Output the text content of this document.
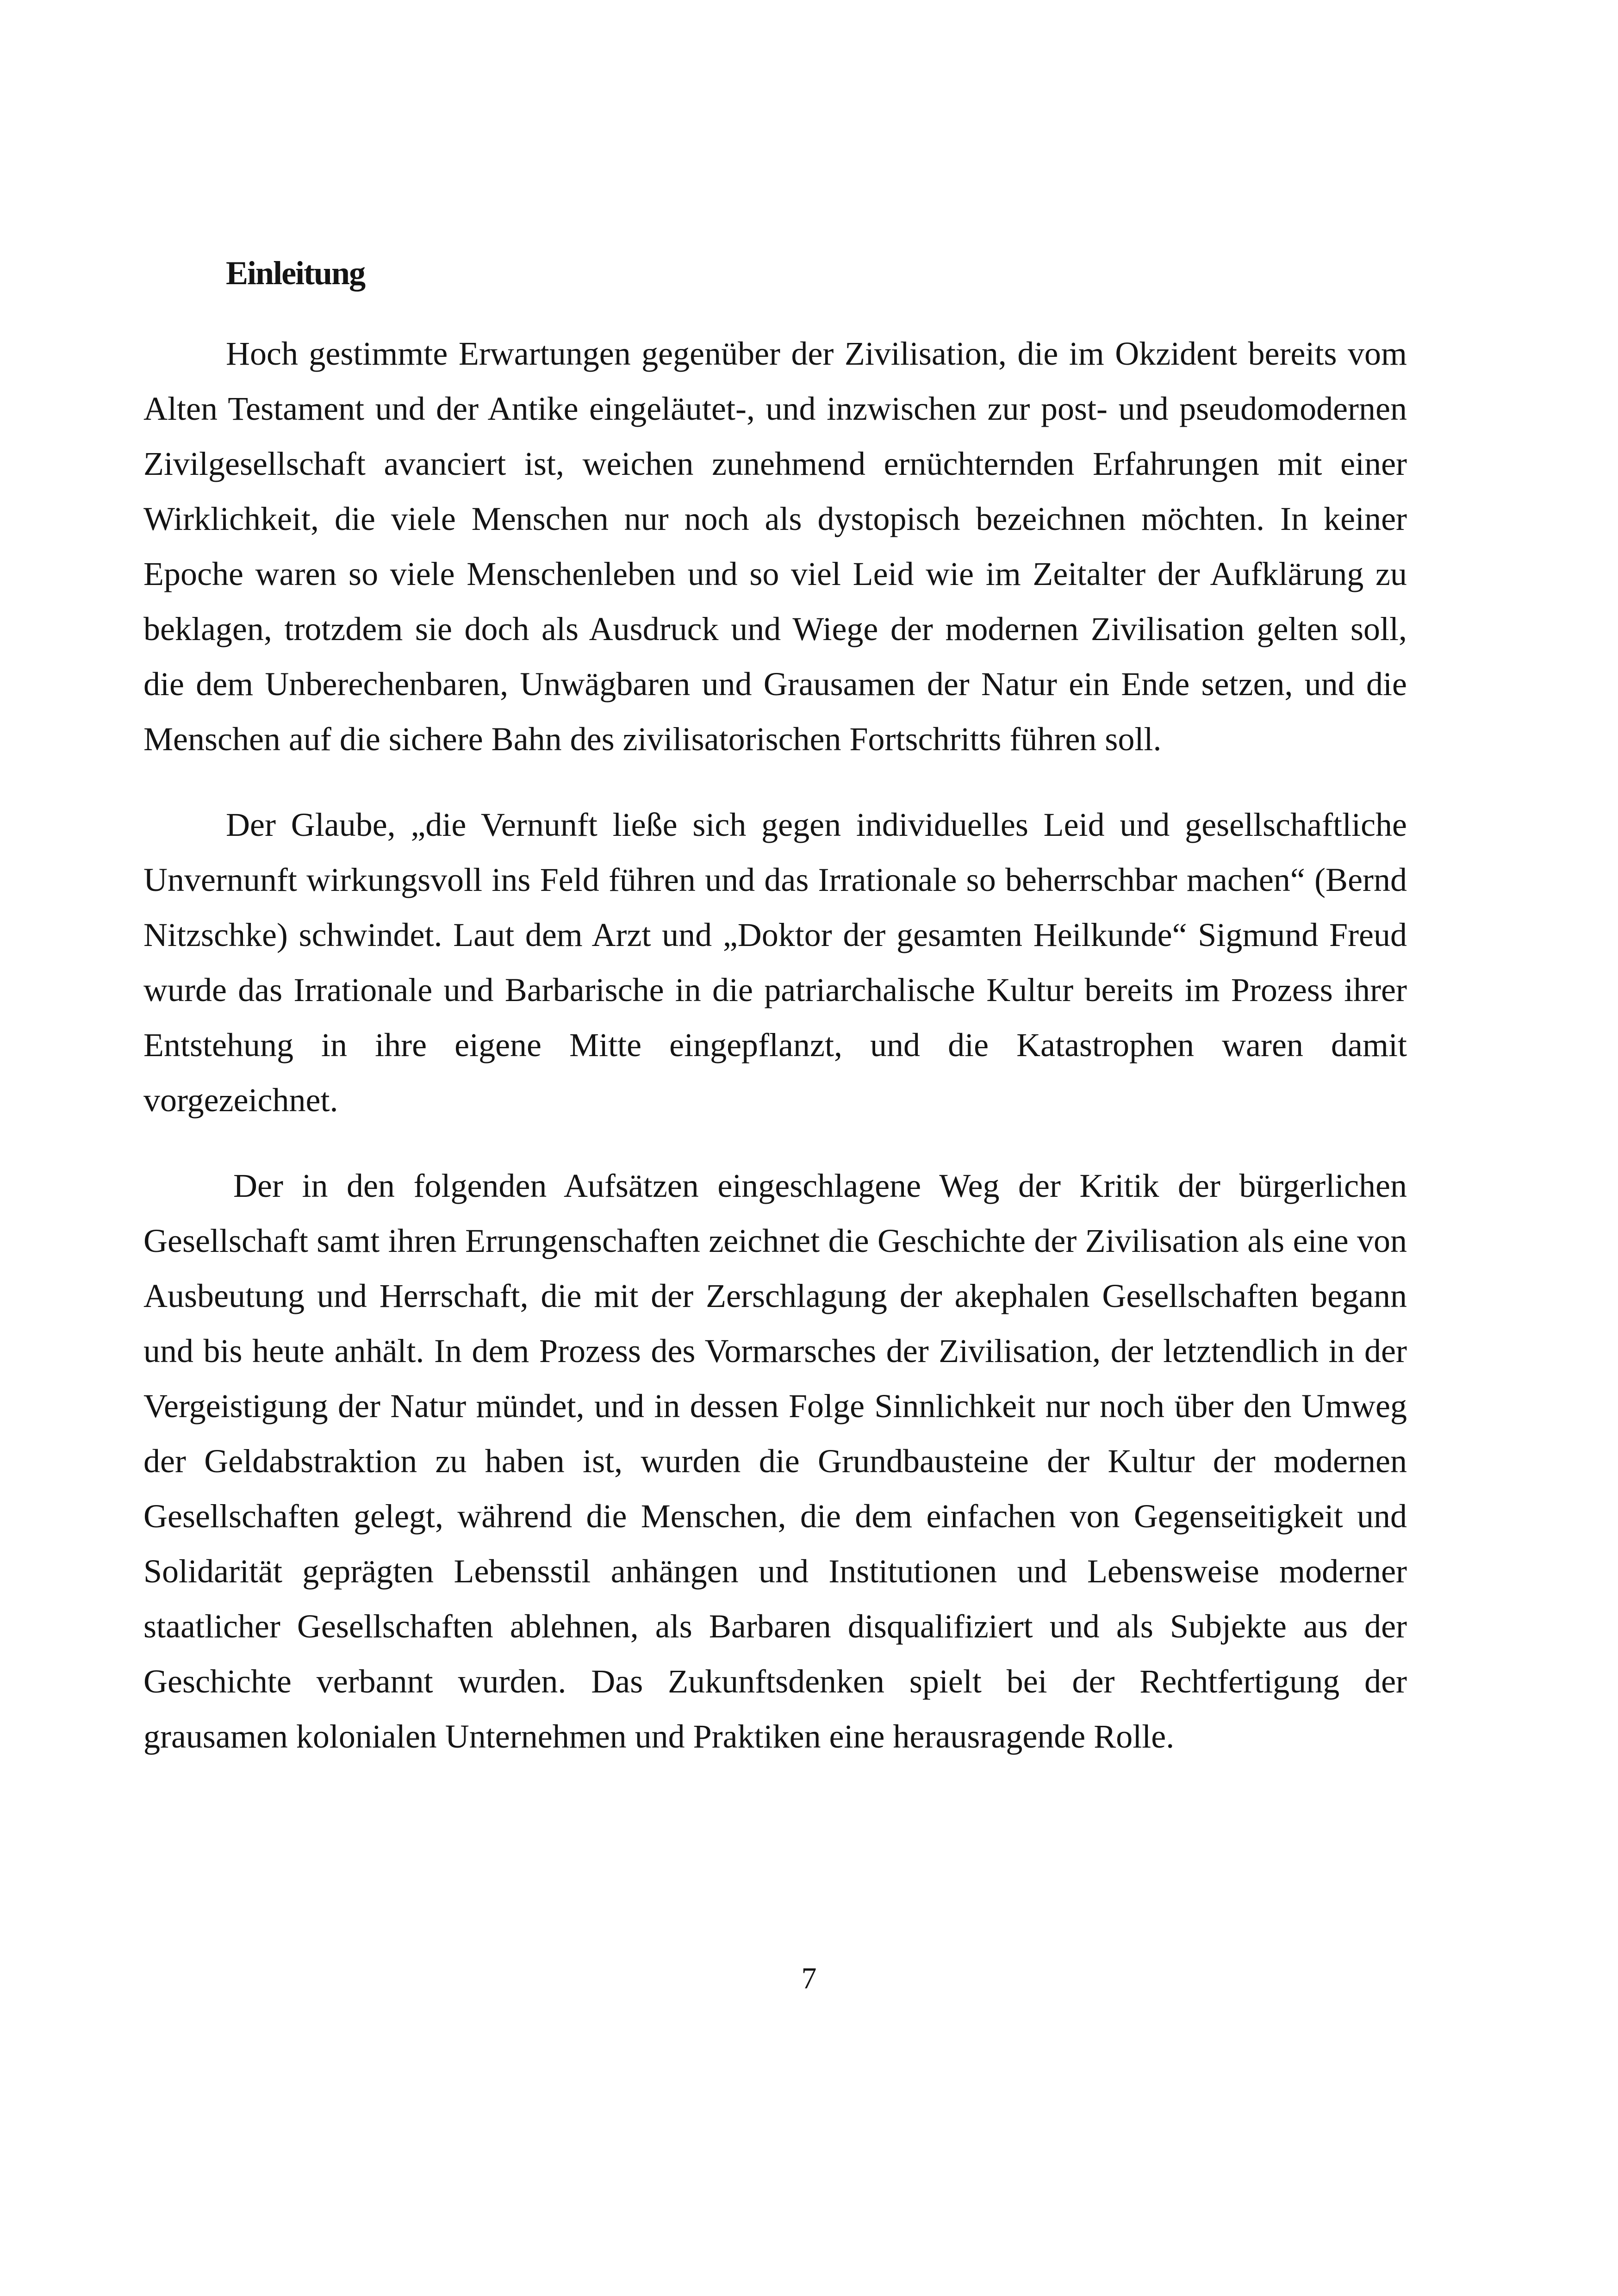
Einleitung

Hoch gestimmte Erwartungen gegenüber der Zivilisation, die im Okzident bereits vom Alten Testament und der Antike eingeläutet-, und inzwischen zur post- und pseudomodernen Zivilgesellschaft avanciert ist, weichen zunehmend ernüchternden Erfahrungen mit einer Wirklichkeit, die viele Menschen nur noch als dystopisch bezeichnen möchten. In keiner Epoche waren so viele Menschenleben und so viel Leid wie im Zeitalter der Aufklärung zu beklagen, trotzdem sie doch als Ausdruck und Wiege der modernen Zivilisation gelten soll, die dem Unberechenbaren, Unwägbaren und Grausamen der Natur ein Ende setzen, und die Menschen auf die sichere Bahn des zivilisatorischen Fortschritts führen soll.

Der Glaube, „die Vernunft ließe sich gegen individuelles Leid und gesellschaftliche Unvernunft wirkungsvoll ins Feld führen und das Irrationale so beherrschbar machen“ (Bernd Nitzschke) schwindet. Laut dem Arzt und „Doktor der gesamten Heilkunde“ Sigmund Freud wurde das Irrationale und Barbarische in die patriarchalische Kultur bereits im Prozess ihrer Entstehung in ihre eigene Mitte eingepflanzt, und die Katastrophen waren damit vorgezeichnet.

Der in den folgenden Aufsätzen eingeschlagene Weg der Kritik der bürgerlichen Gesellschaft samt ihren Errungenschaften zeichnet die Geschichte der Zivilisation als eine von Ausbeutung und Herrschaft, die mit der Zerschlagung der akephalen Gesellschaften begann und bis heute anhält. In dem Prozess des Vormarsches der Zivilisation, der letztendlich in der Vergeistigung der Natur mündet, und in dessen Folge Sinnlichkeit nur noch über den Umweg der Geldabstraktion zu haben ist, wurden die Grundbausteine der Kultur der modernen Gesellschaften gelegt, während die Menschen, die dem einfachen von Gegenseitigkeit und Solidarität geprägten Lebensstil anhängen und Institutionen und Lebensweise moderner staatlicher Gesellschaften ablehnen, als Barbaren disqualifiziert und als Subjekte aus der Geschichte verbannt wurden. Das Zukunftsdenken spielt bei der Rechtfertigung der grausamen kolonialen Unternehmen und Praktiken eine herausragende Rolle.

7
